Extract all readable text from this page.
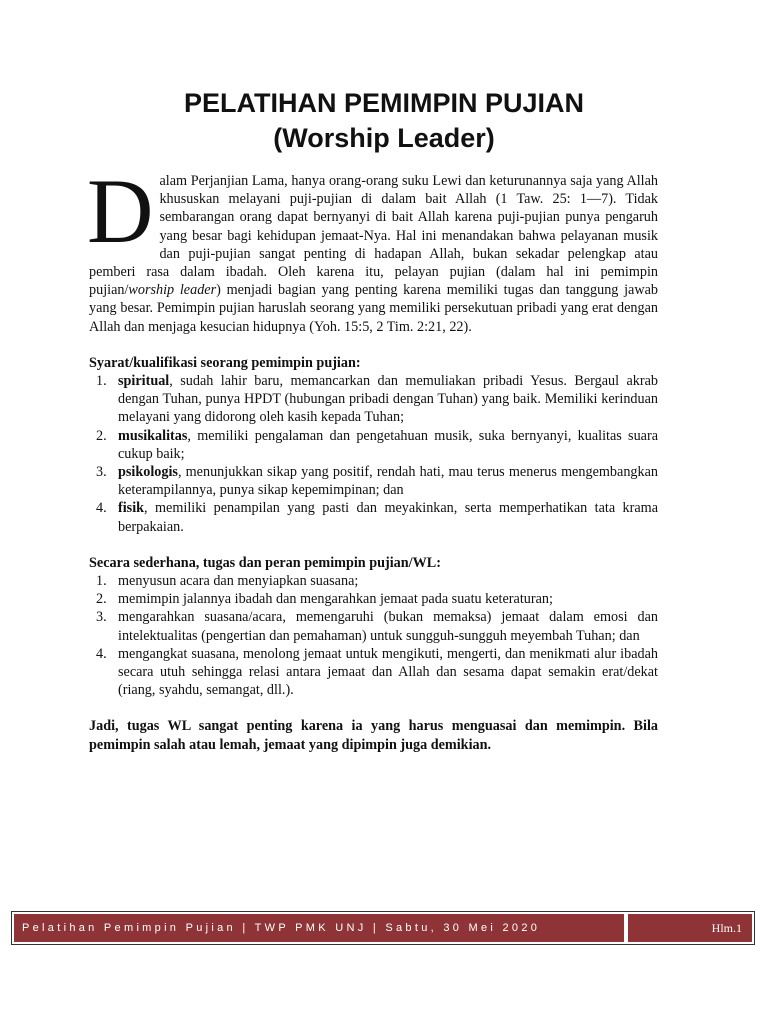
PELATIHAN PEMIMPIN PUJIAN
(Worship Leader)

Dalam Perjanjian Lama, hanya orang-orang suku Lewi dan keturunannya saja yang Allah khususkan melayani puji-pujian di dalam bait Allah (1 Taw. 25: 1—7). Tidak sembarangan orang dapat bernyanyi di bait Allah karena puji-pujian punya pengaruh yang besar bagi kehidupan jemaat-Nya. Hal ini menandakan bahwa pelayanan musik dan puji-pujian sangat penting di hadapan Allah, bukan sekadar pelengkap atau pemberi rasa dalam ibadah. Oleh karena itu, pelayan pujian (dalam hal ini pemimpin pujian/worship leader) menjadi bagian yang penting karena memiliki tugas dan tanggung jawab yang besar. Pemimpin pujian haruslah seorang yang memiliki persekutuan pribadi yang erat dengan Allah dan menjaga kesucian hidupnya (Yoh. 15:5, 2 Tim. 2:21, 22).

Syarat/kualifikasi seorang pemimpin pujian:

1. spiritual, sudah lahir baru, memancarkan dan memuliakan pribadi Yesus. Bergaul akrab dengan Tuhan, punya HPDT (hubungan pribadi dengan Tuhan) yang baik. Memiliki kerinduan melayani yang didorong oleh kasih kepada Tuhan;
2. musikalitas, memiliki pengalaman dan pengetahuan musik, suka bernyanyi, kualitas suara cukup baik;
3. psikologis, menunjukkan sikap yang positif, rendah hati, mau terus menerus mengembangkan keterampilannya, punya sikap kepemimpinan; dan
4. fisik, memiliki penampilan yang pasti dan meyakinkan, serta memperhatikan tata krama berpakaian.

Secara sederhana, tugas dan peran pemimpin pujian/WL:

1. menyusun acara dan menyiapkan suasana;
2. memimpin jalannya ibadah dan mengarahkan jemaat pada suatu keteraturan;
3. mengarahkan suasana/acara, memengaruhi (bukan memaksa) jemaat dalam emosi dan intelektualitas (pengertian dan pemahaman) untuk sungguh-sungguh meyembah Tuhan; dan
4. mengangkat suasana, menolong jemaat untuk mengikuti, mengerti, dan menikmati alur ibadah secara utuh sehingga relasi antara jemaat dan Allah dan sesama dapat semakin erat/dekat (riang, syahdu, semangat, dll.).

Jadi, tugas WL sangat penting karena ia yang harus menguasai dan memimpin. Bila pemimpin salah atau lemah, jemaat yang dipimpin juga demikian.

Pelatihan Pemimpin Pujian | TWP PMK UNJ | Sabtu, 30 Mei 2020	Hlm.1
